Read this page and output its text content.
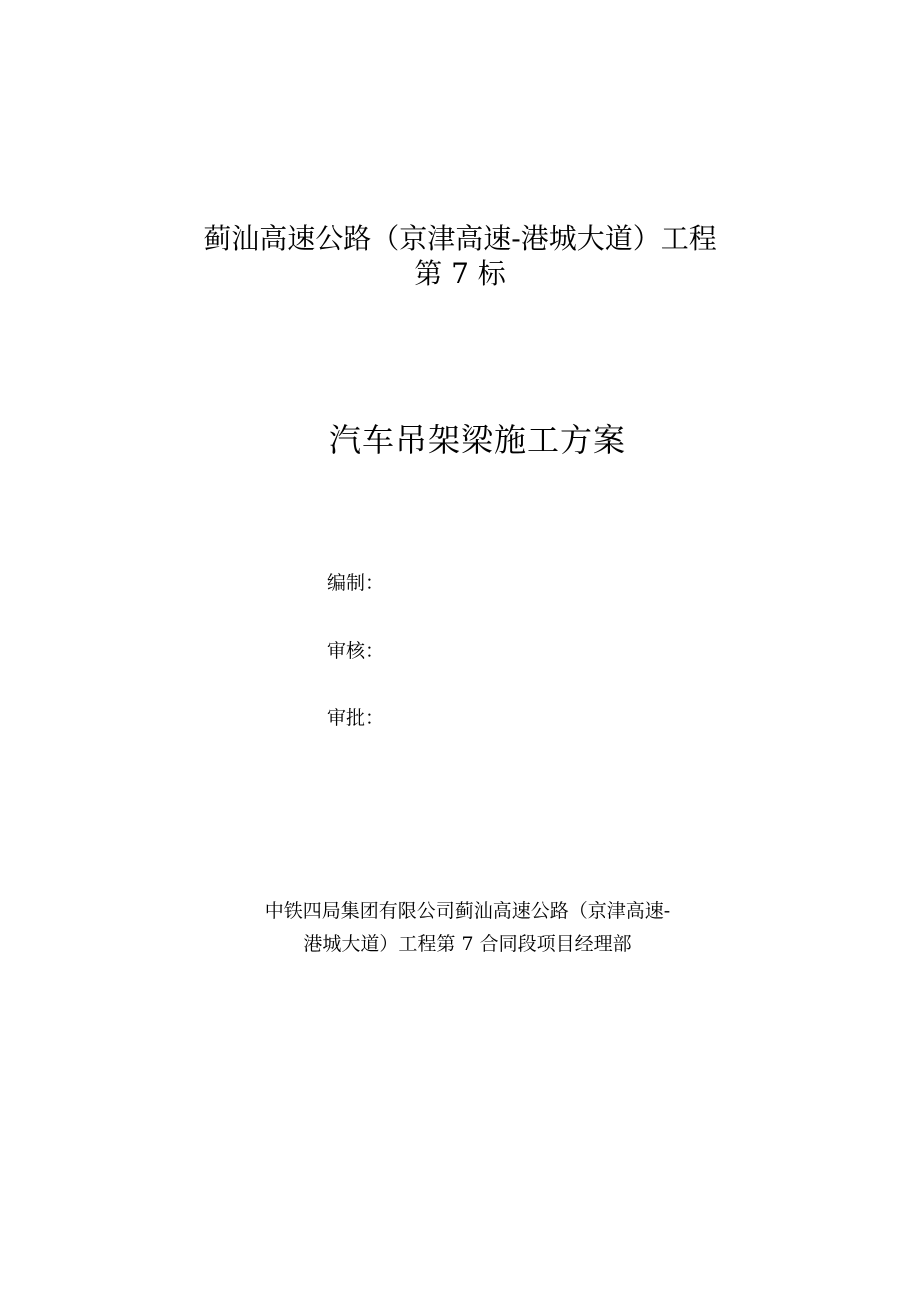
蓟汕高速公路（京津高速-港城大道）工程
第 7 标
汽车吊架梁施工方案
编制：
审核：
审批：
中铁四局集团有限公司蓟汕高速公路（京津高速-
港城大道）工程第 7 合同段项目经理部
